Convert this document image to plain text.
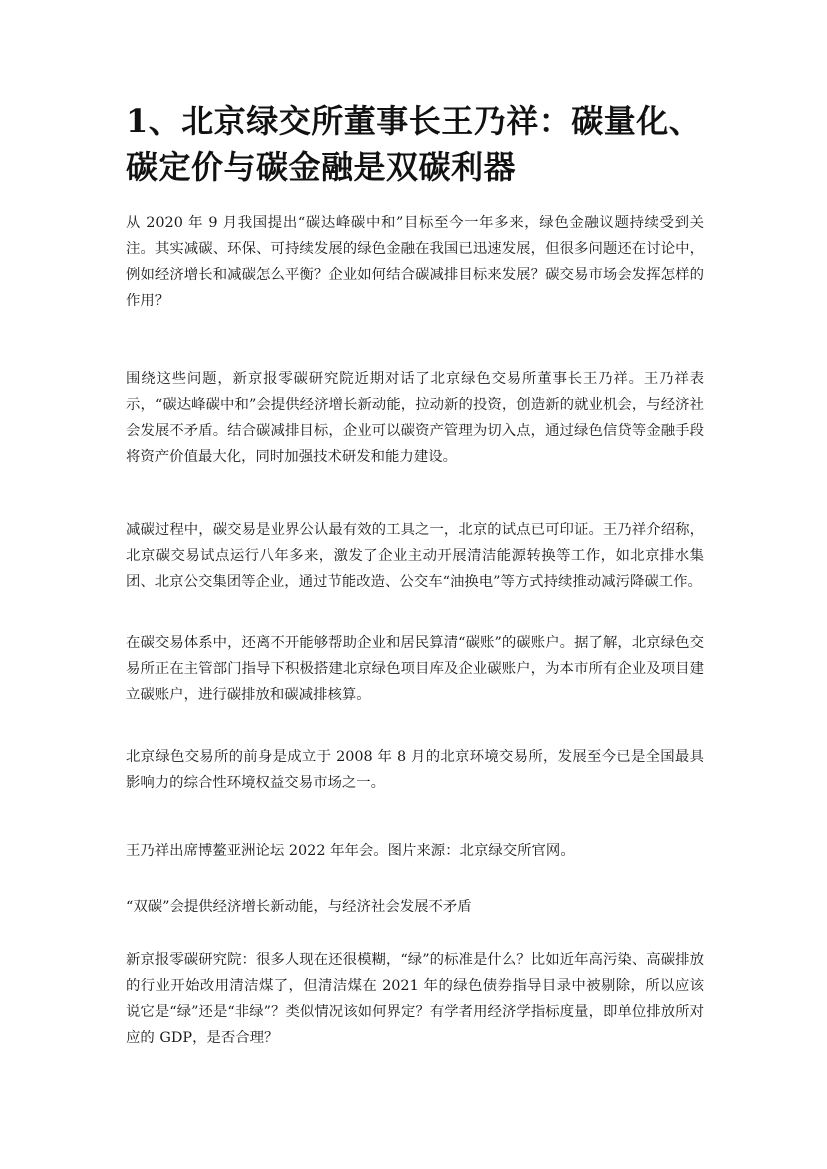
1、北京绿交所董事长王乃祥：碳量化、碳定价与碳金融是双碳利器

从 2020 年 9 月我国提出“碳达峰碳中和”目标至今一年多来，绿色金融议题持续受到关注。其实减碳、环保、可持续发展的绿色金融在我国已迅速发展，但很多问题还在讨论中，例如经济增长和减碳怎么平衡？企业如何结合碳减排目标来发展？碳交易市场会发挥怎样的作用？

围绕这些问题，新京报零碳研究院近期对话了北京绿色交易所董事长王乃祥。王乃祥表示，“碳达峰碳中和”会提供经济增长新动能，拉动新的投资，创造新的就业机会，与经济社会发展不矛盾。结合碳减排目标，企业可以碳资产管理为切入点，通过绿色信贷等金融手段将资产价值最大化，同时加强技术研发和能力建设。

减碳过程中，碳交易是业界公认最有效的工具之一，北京的试点已可印证。王乃祥介绍称，北京碳交易试点运行八年多来，激发了企业主动开展清洁能源转换等工作，如北京排水集团、北京公交集团等企业，通过节能改造、公交车“油换电”等方式持续推动减污降碳工作。

在碳交易体系中，还离不开能够帮助企业和居民算清“碳账”的碳账户。据了解，北京绿色交易所正在主管部门指导下积极搭建北京绿色项目库及企业碳账户，为本市所有企业及项目建立碳账户，进行碳排放和碳减排核算。

北京绿色交易所的前身是成立于 2008 年 8 月的北京环境交易所，发展至今已是全国最具影响力的综合性环境权益交易市场之一。

王乃祥出席博鳌亚洲论坛 2022 年年会。图片来源：北京绿交所官网。

“双碳”会提供经济增长新动能，与经济社会发展不矛盾

新京报零碳研究院：很多人现在还很模糊，“绿”的标准是什么？比如近年高污染、高碳排放的行业开始改用清洁煤了，但清洁煤在 2021 年的绿色债券指导目录中被剔除，所以应该说它是“绿”还是“非绿”？类似情况该如何界定？有学者用经济学指标度量，即单位排放所对应的 GDP，是否合理？
